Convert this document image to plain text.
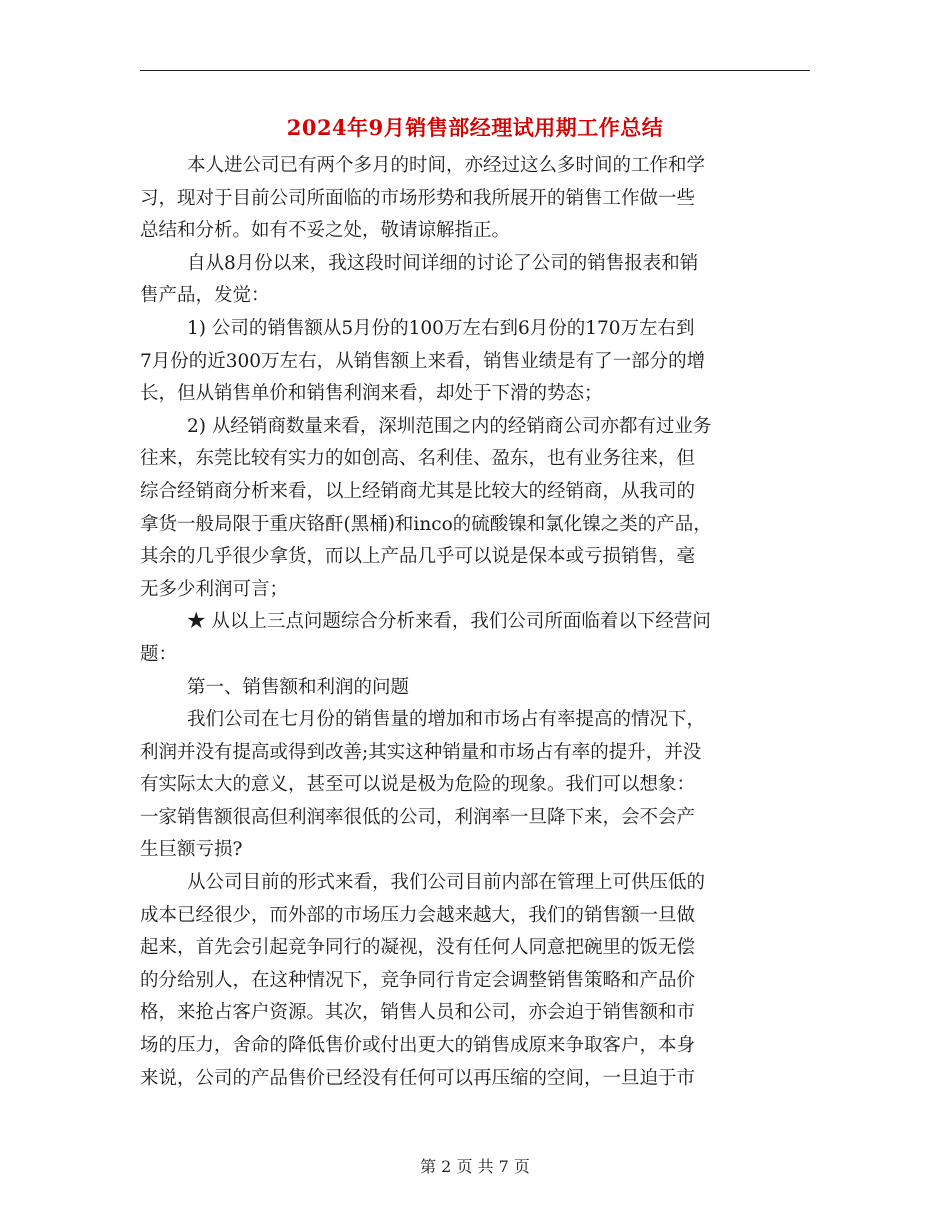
2024年9月销售部经理试用期工作总结
本人进公司已有两个多月的时间，亦经过这么多时间的工作和学
习，现对于目前公司所面临的市场形势和我所展开的销售工作做一些
总结和分析。如有不妥之处，敬请谅解指正。
自从8月份以来，我这段时间详细的讨论了公司的销售报表和销
售产品，发觉：
1) 公司的销售额从5月份的100万左右到6月份的170万左右到
7月份的近300万左右，从销售额上来看，销售业绩是有了一部分的增
长，但从销售单价和销售利润来看，却处于下滑的势态；
2) 从经销商数量来看，深圳范围之内的经销商公司亦都有过业务
往来，东莞比较有实力的如创高、名利佳、盈东，也有业务往来，但
综合经销商分析来看，以上经销商尤其是比较大的经销商，从我司的
拿货一般局限于重庆铬酐(黑桶)和inco的硫酸镍和氯化镍之类的产品，
其余的几乎很少拿货，而以上产品几乎可以说是保本或亏损销售，毫
无多少利润可言；
★ 从以上三点问题综合分析来看，我们公司所面临着以下经营问
题：
第一、销售额和利润的问题
我们公司在七月份的销售量的增加和市场占有率提高的情况下，
利润并没有提高或得到改善;其实这种销量和市场占有率的提升，并没
有实际太大的意义，甚至可以说是极为危险的现象。我们可以想象：
一家销售额很高但利润率很低的公司，利润率一旦降下来，会不会产
生巨额亏损?
从公司目前的形式来看，我们公司目前内部在管理上可供压低的
成本已经很少，而外部的市场压力会越来越大，我们的销售额一旦做
起来，首先会引起竞争同行的凝视，没有任何人同意把碗里的饭无偿
的分给别人，在这种情况下，竞争同行肯定会调整销售策略和产品价
格，来抢占客户资源。其次，销售人员和公司，亦会迫于销售额和市
场的压力，舍命的降低售价或付出更大的销售成原来争取客户，本身
来说，公司的产品售价已经没有任何可以再压缩的空间，一旦迫于市
第 2 页 共 7 页
